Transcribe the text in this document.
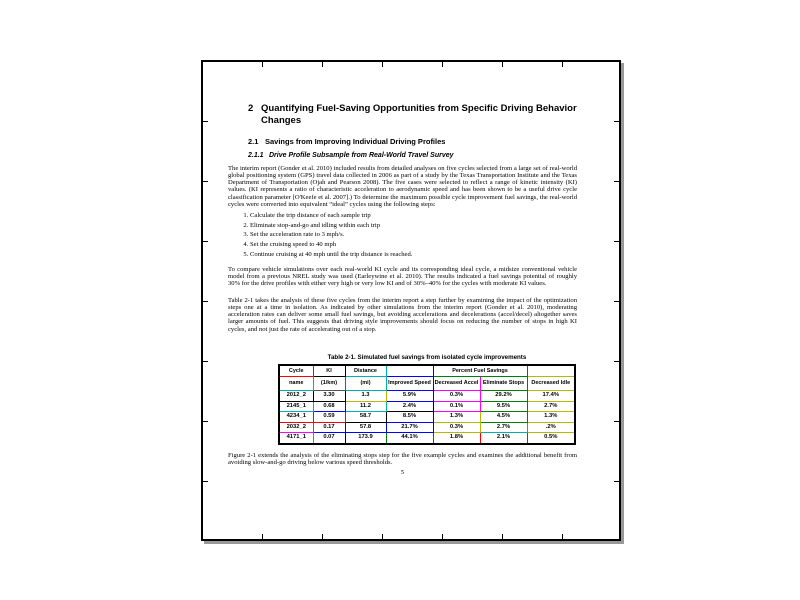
2 Quantifying Fuel-Saving Opportunities from Specific Driving Behavior Changes
2.1 Savings from Improving Individual Driving Profiles
2.1.1 Drive Profile Subsample from Real-World Travel Survey

The interim report (Gonder et al. 2010) included results from detailed analyses on five cycles selected from a large set of real-world global positioning system (GPS) travel data collected in 2006 as part of a study by the Texas Transportation Institute and the Texas Department of Transportation (Ojah and Pearson 2008). The five cases were selected to reflect a range of kinetic intensity (KI) values. (KI represents a ratio of characteristic acceleration to aerodynamic speed and has been shown to be a useful drive cycle classification parameter [O'Keefe et al. 2007].) To determine the maximum possible cycle improvement fuel savings, the real-world cycles were converted into equivalent “ideal” cycles using the following steps:

1. Calculate the trip distance of each sample trip
2. Eliminate stop-and-go and idling within each trip
3. Set the acceleration rate to 3 mph/s.
4. Set the cruising speed to 40 mph
5. Continue cruising at 40 mph until the trip distance is reached.

To compare vehicle simulations over each real-world KI cycle and its corresponding ideal cycle, a midsize conventional vehicle model from a previous NREL study was used (Earleywine et al. 2010). The results indicated a fuel savings potential of roughly 30% for the drive profiles with either very high or very low KI and of 30%–40% for the cycles with moderate KI values.

Table 2-1 takes the analysis of these five cycles from the interim report a step further by examining the impact of the optimization steps one at a time in isolation. As indicated by other simulations from the interim report (Gonder et al. 2010), moderating acceleration rates can deliver some small fuel savings, but avoiding accelerations and decelerations (accel/decel) altogether saves larger amounts of fuel. This suggests that driving style improvements should focus on reducing the number of stops in high KI cycles, and not just the rate of accelerating out of a stop.

Table 2-1. Simulated fuel savings from isolated cycle improvements
Cycle	KI	Distance		Percent Fuel Savings		
name	(1/km)	(mi)	Improved Speed	Decreased Accel	Eliminate Stops	Decreased Idle
2012_2	3.30	1.3	5.9%	0.3%	29.2%	17.4%
2145_1	0.68	11.2	2.4%	0.1%	9.5%	2.7%
4234_1	0.59	58.7	8.5%	1.3%	4.5%	1.3%
2032_2	0.17	57.8	21.7%	0.3%	2.7%	.2%
4171_1	0.07	173.9	44.1%	1.8%	2.1%	0.5%

Figure 2-1 extends the analysis of the eliminating stops step for the five example cycles and examines the additional benefit from avoiding slow-and-go driving below various speed thresholds.

5
